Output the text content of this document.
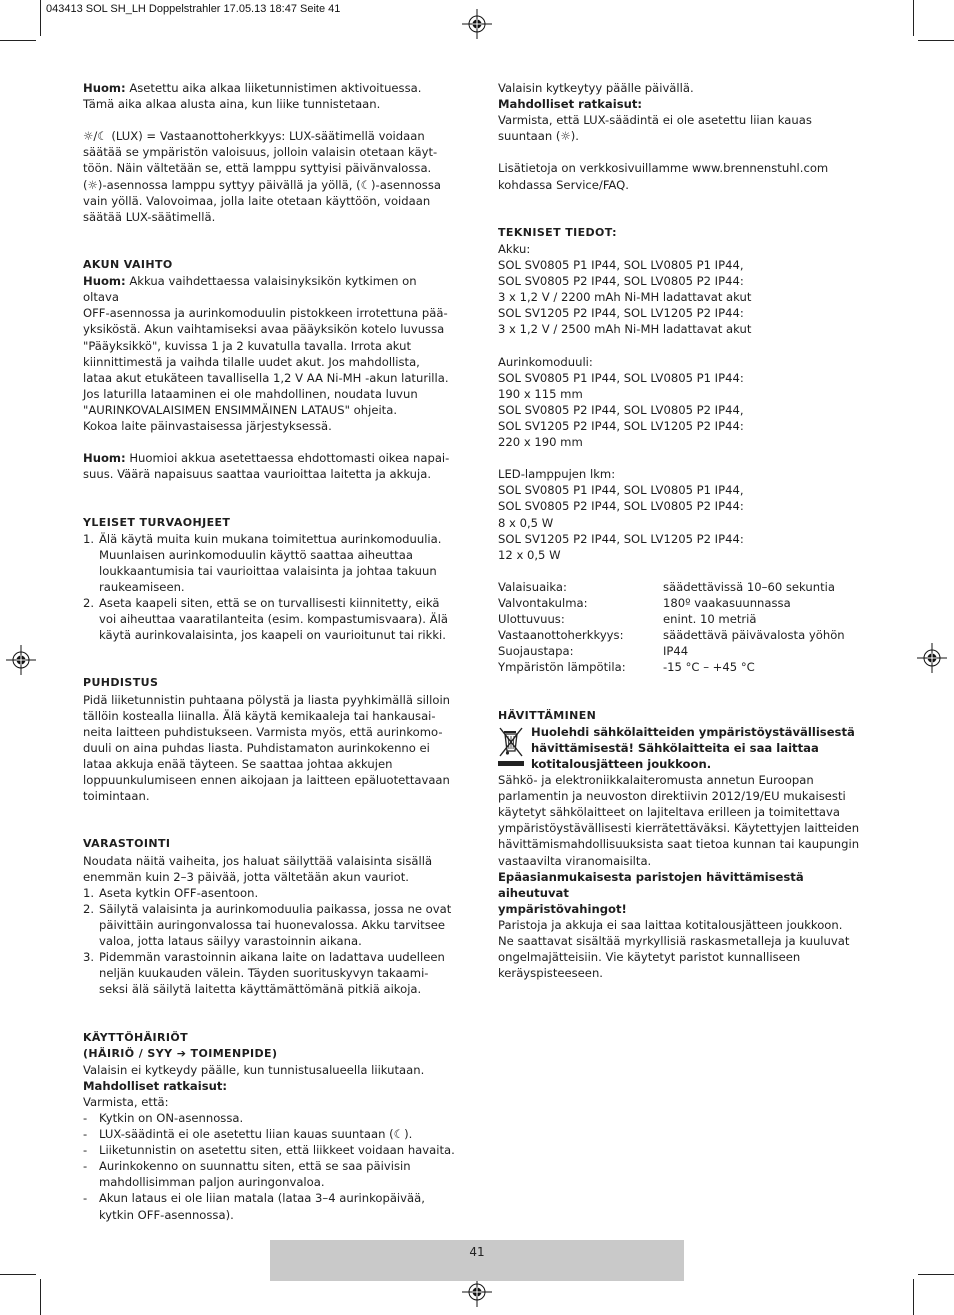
043413 SOL SH_LH Doppelstrahler 17.05.13 18:47 Seite 41

Huom: Asetettu aika alkaa liiketunnistimen aktivoituessa.

Tämä aika alkaa alusta aina, kun liike tunnistetaan.

☼/☾ (LUX) = Vastaanottoherkkyys: LUX-säätimellä voidaan

säätää se ympäristön valoisuus, jolloin valaisin otetaan käyt-

töön. Näin vältetään se, että lamppu syttyisi päivänvalossa.

(☼)-asennossa lamppu syttyy päivällä ja yöllä, (☾)-asennossa

vain yöllä. Valovoimaa, jolla laite otetaan käyttöön, voidaan

säätää LUX-säätimellä.

AKUN VAIHTO

Huom: Akkua vaihdettaessa valaisinyksikön kytkimen on oltava

OFF-asennossa ja aurinkomoduulin pistokkeen irrotettuna pää-

yksiköstä. Akun vaihtamiseksi avaa pääyksikön kotelo luvussa

"Pääyksikkö", kuvissa 1 ja 2 kuvatulla tavalla. Irrota akut

kiinnittimestä ja vaihda tilalle uudet akut. Jos mahdollista,

lataa akut etukäteen tavallisella 1,2 V AA Ni-MH -akun laturilla.

Jos laturilla lataaminen ei ole mahdollinen, noudata luvun

"AURINKOVALAISIMEN ENSIMMÄINEN LATAUS" ohjeita.

Kokoa laite päinvastaisessa järjestyksessä.

Huom: Huomioi akkua asetettaessa ehdottomasti oikea napai-

suus. Väärä napaisuus saattaa vaurioittaa laitetta ja akkuja.

YLEISET TURVAOHJEET

1. Älä käytä muita kuin mukana toimitettua aurinkomoduulia.
Muunlaisen aurinkomoduulin käyttö saattaa aiheuttaa
loukkaantumisia tai vaurioittaa valaisinta ja johtaa takuun
raukeamiseen.
2. Aseta kaapeli siten, että se on turvallisesti kiinnitetty, eikä
voi aiheuttaa vaaratilanteita (esim. kompastumisvaara). Älä
käytä aurinkovalaisinta, jos kaapeli on vaurioitunut tai rikki.

PUHDISTUS

Pidä liiketunnistin puhtaana pölystä ja liasta pyyhkimällä silloin

tällöin kostealla liinalla. Älä käytä kemikaaleja tai hankausai-

neita laitteen puhdistukseen. Varmista myös, että aurinkomo-

duuli on aina puhdas liasta. Puhdistamaton aurinkokenno ei

lataa akkuja enää täyteen. Se saattaa johtaa akkujen

loppuunkulumiseen ennen aikojaan ja laitteen epäluotettavaan

toimintaan.

VARASTOINTI

Noudata näitä vaiheita, jos haluat säilyttää valaisinta sisällä

enemmän kuin 2–3 päivää, jotta vältetään akun vauriot.

1. Aseta kytkin OFF-asentoon.
2. Säilytä valaisinta ja aurinkomoduulia paikassa, jossa ne ovat
päivittäin auringonvalossa tai huonevalossa. Akku tarvitsee
valoa, jotta lataus säilyy varastoinnin aikana.
3. Pidemmän varastoinnin aikana laite on ladattava uudelleen
neljän kuukauden välein. Täyden suorituskyvyn takaami-
seksi älä säilytä laitetta käyttämättömänä pitkiä aikoja.

KÄYTTÖHÄIRIÖT

(HÄIRIÖ / SYY ➔ TOIMENPIDE)

Valaisin ei kytkeydy päälle, kun tunnistusalueella liikutaan.

Mahdolliset ratkaisut:

Varmista, että:

- Kytkin on ON-asennossa.
- LUX-säädintä ei ole asetettu liian kauas suuntaan (☾).
- Liiketunnistin on asetettu siten, että liikkeet voidaan havaita.
- Aurinkokenno on suunnattu siten, että se saa päivisin
mahdollisimman paljon auringonvaloa.
- Akun lataus ei ole liian matala (lataa 3–4 aurinkopäivää,
kytkin OFF-asennossa).

Valaisin kytkeytyy päälle päivällä.

Mahdolliset ratkaisut:

Varmista, että LUX-säädintä ei ole asetettu liian kauas

suuntaan (☼).

Lisätietoja on verkkosivuillamme www.brennenstuhl.com

kohdassa Service/FAQ.

TEKNISET TIEDOT:

Akku:

SOL SV0805 P1 IP44, SOL LV0805 P1 IP44,

SOL SV0805 P2 IP44, SOL LV0805 P2 IP44:

3 x 1,2 V / 2200 mAh Ni-MH ladattavat akut

SOL SV1205 P2 IP44, SOL LV1205 P2 IP44:

3 x 1,2 V / 2500 mAh Ni-MH ladattavat akut

Aurinkomoduuli:

SOL SV0805 P1 IP44, SOL LV0805 P1 IP44:

190 x 115 mm

SOL SV0805 P2 IP44, SOL LV0805 P2 IP44,

SOL SV1205 P2 IP44, SOL LV1205 P2 IP44:

220 x 190 mm

LED-lamppujen lkm:

SOL SV0805 P1 IP44, SOL LV0805 P1 IP44,

SOL SV0805 P2 IP44, SOL LV0805 P2 IP44:

8 x 0,5 W

SOL SV1205 P2 IP44, SOL LV1205 P2 IP44:

12 x 0,5 W

Valaisuaika:	säädettävissä 10–60 sekuntia
Valvontakulma:	180º vaakasuunnassa
Ulottuvuus:	enint. 10 metriä
Vastaanottoherkkyys:	säädettävä päivävalosta yöhön
Suojaustapa:	IP44
Ympäristön lämpötila:	-15 °C – +45 °C

HÄVITTÄMINEN

Huolehdi sähkölaitteiden ympäristöystävällisestä

hävittämisestä! Sähkölaitteita ei saa laittaa

kotitalousjätteen joukkoon.

Sähkö- ja elektroniikkalaiteromusta annetun Euroopan

parlamentin ja neuvoston direktiivin 2012/19/EU mukaisesti

käytetyt sähkölaitteet on lajiteltava erilleen ja toimitettava

ympäristöystävällisesti kierrätettäväksi. Käytettyjen laitteiden

hävittämismahdollisuuksista saat tietoa kunnan tai kaupungin

vastaavilta viranomaisilta.

Epäasianmukaisesta paristojen hävittämisestä aiheutuvat

ympäristövahingot!

Paristoja ja akkuja ei saa laittaa kotitalousjätteen joukkoon.

Ne saattavat sisältää myrkyllisiä raskasmetalleja ja kuuluvat

ongelmajätteisiin. Vie käytetyt paristot kunnalliseen

keräyspisteeseen.

41
